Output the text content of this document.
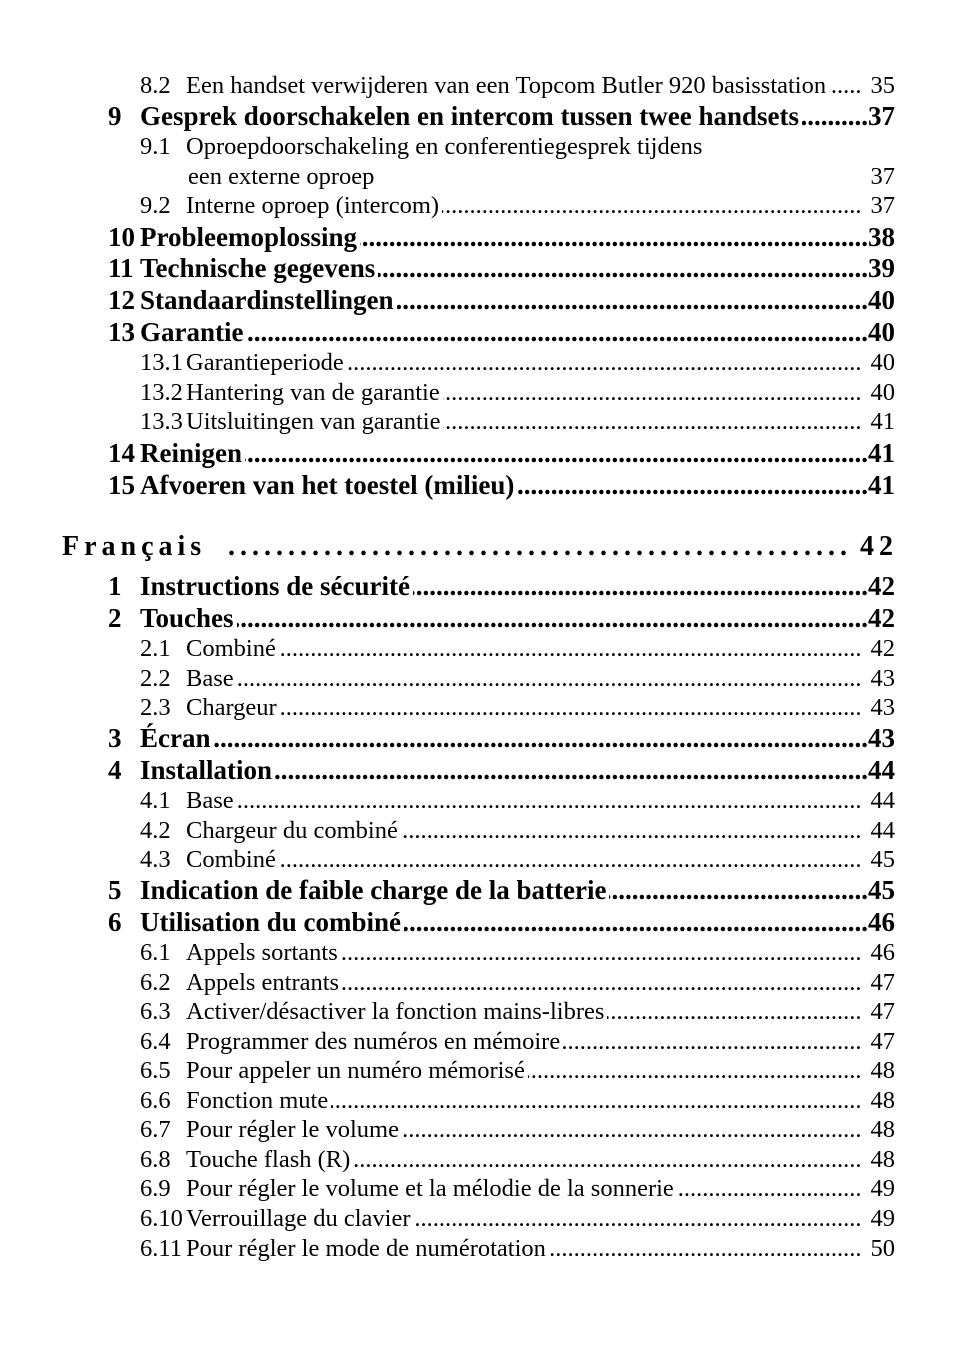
8.2 Een handset verwijderen van een Topcom Butler 920 basisstation ..... 35
9 Gesprek doorschakelen en intercom tussen twee handsets .....	37
9.1 Oproepdoorschakeling en conferentiegesprek tijdens
een externe oproep	37
9.2 Interne oproep (intercom) .....	37
10 Probleemoplossing .....	38
11 Technische gegevens .....	39
12 Standaardinstellingen .....	40
13 Garantie .....	40
13.1 Garantieperiode .....	40
13.2 Hantering van de garantie .....	40
13.3 Uitsluitingen van garantie .....	41
14 Reinigen .....	41
15 Afvoeren van het toestel (milieu) .....	41
Français .....	42
1 Instructions de sécurité .....	42
2 Touches .....	42
2.1 Combiné .....	42
2.2 Base .....	43
2.3 Chargeur .....	43
3 Écran .....	43
4 Installation .....	44
4.1 Base .....	44
4.2 Chargeur du combiné .....	44
4.3 Combiné .....	45
5 Indication de faible charge de la batterie .....	45
6 Utilisation du combiné .....	46
6.1 Appels sortants .....	46
6.2 Appels entrants .....	47
6.3 Activer/désactiver la fonction mains-libres .....	47
6.4 Programmer des numéros en mémoire .....	47
6.5 Pour appeler un numéro mémorisé .....	48
6.6 Fonction mute .....	48
6.7 Pour régler le volume .....	48
6.8 Touche flash (R) .....	48
6.9 Pour régler le volume et la mélodie de la sonnerie .....	49
6.10 Verrouillage du clavier .....	49
6.11 Pour régler le mode de numérotation .....	50
